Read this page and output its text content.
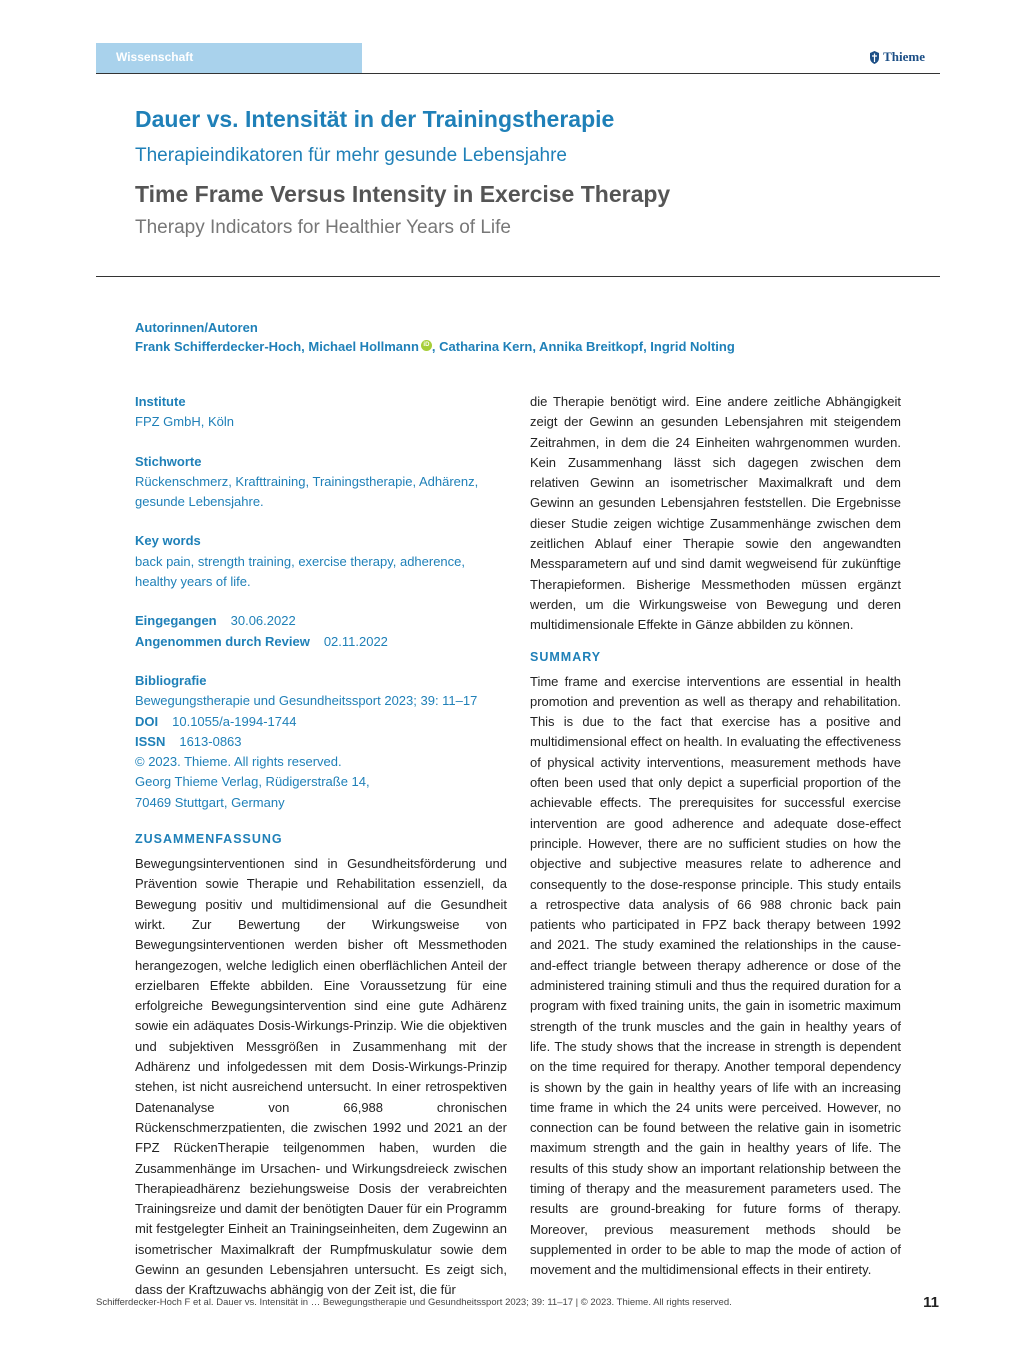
Wissenschaft	Thieme
Dauer vs. Intensität in der Trainingstherapie
Therapieindikatoren für mehr gesunde Lebensjahre
Time Frame Versus Intensity in Exercise Therapy
Therapy Indicators for Healthier Years of Life
Autorinnen/Autoren
Frank Schifferdecker-Hoch, Michael Hollmann iD , Catharina Kern, Annika Breitkopf, Ingrid Nolting
Institute
FPZ GmbH, Köln
Stichworte
Rückenschmerz, Krafttraining, Trainingstherapie, Adhärenz, gesunde Lebensjahre.
Key words
back pain, strength training, exercise therapy, adherence, healthy years of life.
Eingegangen 30.06.2022
Angenommen durch Review 02.11.2022
Bibliografie
Bewegungstherapie und Gesundheitssport 2023; 39: 11–17
DOI 10.1055/a-1994-1744
ISSN 1613-0863
© 2023. Thieme. All rights reserved.
Georg Thieme Verlag, Rüdigerstraße 14,
70469 Stuttgart, Germany
ZUSAMMENFASSUNG

Bewegungsinterventionen sind in Gesundheitsförderung und Prävention sowie Therapie und Rehabilitation essenziell, da Bewegung positiv und multidimensional auf die Gesundheit wirkt. Zur Bewertung der Wirkungsweise von Bewegungsinterventionen werden bisher oft Messmethoden herangezogen, welche lediglich einen oberflächlichen Anteil der erzielbaren Effekte abbilden. Eine Voraussetzung für eine erfolgreiche Bewegungsintervention sind eine gute Adhärenz sowie ein adäquates Dosis-Wirkungs-Prinzip. Wie die objektiven und subjektiven Messgrößen in Zusammenhang mit der Adhärenz und infolgedessen mit dem Dosis-Wirkungs-Prinzip stehen, ist nicht ausreichend untersucht. In einer retrospektiven Datenanalyse von 66,988 chronischen Rückenschmerzpatienten, die zwischen 1992 und 2021 an der FPZ RückenTherapie teilgenommen haben, wurden die Zusammenhänge im Ursachen- und Wirkungsdreieck zwischen Therapieadhärenz beziehungsweise Dosis der verabreichten Trainingsreize und damit der benötigten Dauer für ein Programm mit festgelegter Einheit an Trainingseinheiten, dem Zugewinn an isometrischer Maximalkraft der Rumpfmuskulatur sowie dem Gewinn an gesunden Lebensjahren untersucht. Es zeigt sich, dass der Kraftzuwachs abhängig von der Zeit ist, die für

die Therapie benötigt wird. Eine andere zeitliche Abhängigkeit zeigt der Gewinn an gesunden Lebensjahren mit steigendem Zeitrahmen, in dem die 24 Einheiten wahrgenommen wurden. Kein Zusammenhang lässt sich dagegen zwischen dem relativen Gewinn an isometrischer Maximalkraft und dem Gewinn an gesunden Lebensjahren feststellen. Die Ergebnisse dieser Studie zeigen wichtige Zusammenhänge zwischen dem zeitlichen Ablauf einer Therapie sowie den angewandten Messparametern auf und sind damit wegweisend für zukünftige Therapieformen. Bisherige Messmethoden müssen ergänzt werden, um die Wirkungsweise von Bewegung und deren multidimensionale Effekte in Gänze abbilden zu können.

SUMMARY

Time frame and exercise interventions are essential in health promotion and prevention as well as therapy and rehabilitation. This is due to the fact that exercise has a positive and multidimensional effect on health. In evaluating the effectiveness of physical activity interventions, measurement methods have often been used that only depict a superficial proportion of the achievable effects. The prerequisites for successful exercise intervention are good adherence and adequate dose-effect principle. However, there are no sufficient studies on how the objective and subjective measures relate to adherence and consequently to the dose-response principle. This study entails a retrospective data analysis of 66 988 chronic back pain patients who participated in FPZ back therapy between 1992 and 2021. The study examined the relationships in the cause-and-effect triangle between therapy adherence or dose of the administered training stimuli and thus the required duration for a program with fixed training units, the gain in isometric maximum strength of the trunk muscles and the gain in healthy years of life. The study shows that the increase in strength is dependent on the time required for therapy. Another temporal dependency is shown by the gain in healthy years of life with an increasing time frame in which the 24 units were perceived. However, no connection can be found between the relative gain in isometric maximum strength and the gain in healthy years of life. The results of this study show an important relationship between the timing of therapy and the measurement parameters used. The results are ground-breaking for future forms of therapy. Moreover, previous measurement methods should be supplemented in order to be able to map the mode of action of movement and the multidimensional effects in their entirety.

Schifferdecker-Hoch F et al. Dauer vs. Intensität in … Bewegungstherapie und Gesundheitssport 2023; 39: 11–17 | © 2023. Thieme. All rights reserved.	11
